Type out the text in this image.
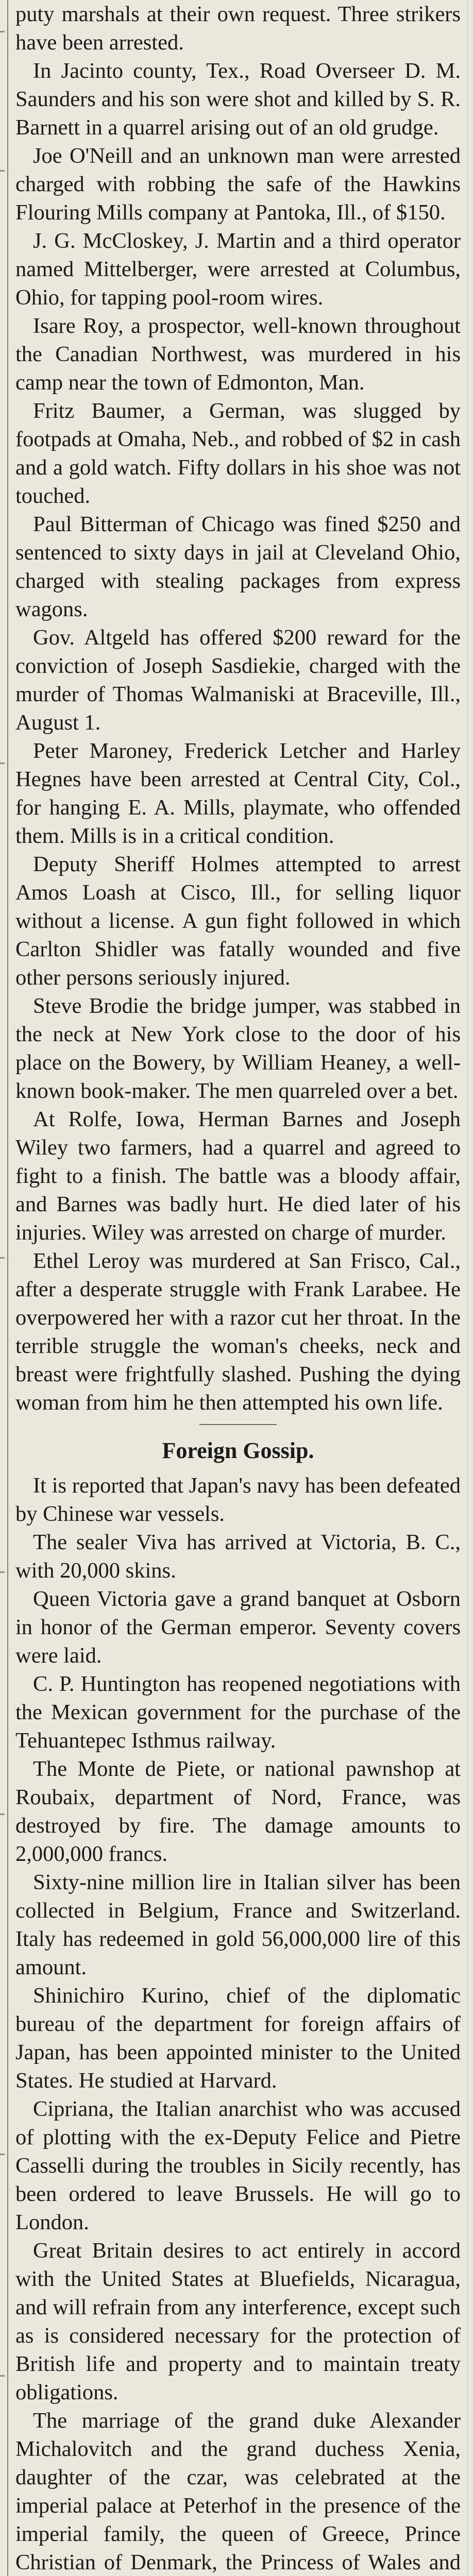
puty marshals at their own request. Three strikers have been arrested.

In Jacinto county, Tex., Road Overseer D. M. Saunders and his son were shot and killed by S. R. Barnett in a quarrel arising out of an old grudge.

Joe O'Neill and an unknown man were arrested charged with robbing the safe of the Hawkins Flouring Mills company at Pantoka, Ill., of $150.

J. G. McCloskey, J. Martin and a third operator named Mittelberger, were arrested at Columbus, Ohio, for tapping pool-room wires.

Isare Roy, a prospector, well-known throughout the Canadian Northwest, was murdered in his camp near the town of Edmonton, Man.

Fritz Baumer, a German, was slugged by footpads at Omaha, Neb., and robbed of $2 in cash and a gold watch. Fifty dollars in his shoe was not touched.

Paul Bitterman of Chicago was fined $250 and sentenced to sixty days in jail at Cleveland Ohio, charged with stealing packages from express wagons.

Gov. Altgeld has offered $200 reward for the conviction of Joseph Sasdiekie, charged with the murder of Thomas Walmaniski at Braceville, Ill., August 1.

Peter Maroney, Frederick Letcher and Harley Hegnes have been arrested at Central City, Col., for hanging E. A. Mills, playmate, who offended them. Mills is in a critical condition.

Deputy Sheriff Holmes attempted to arrest Amos Loash at Cisco, Ill., for selling liquor without a license. A gun fight followed in which Carlton Shidler was fatally wounded and five other persons seriously injured.

Steve Brodie the bridge jumper, was stabbed in the neck at New York close to the door of his place on the Bowery, by William Heaney, a well-known book-maker. The men quarreled over a bet.

At Rolfe, Iowa, Herman Barnes and Joseph Wiley two farmers, had a quarrel and agreed to fight to a finish. The battle was a bloody affair, and Barnes was badly hurt. He died later of his injuries. Wiley was arrested on charge of murder.

Ethel Leroy was murdered at San Frisco, Cal., after a desperate struggle with Frank Larabee. He overpowered her with a razor cut her throat. In the terrible struggle the woman's cheeks, neck and breast were frightfully slashed. Pushing the dying woman from him he then attempted his own life.

Foreign Gossip.

It is reported that Japan's navy has been defeated by Chinese war vessels.

The sealer Viva has arrived at Victoria, B. C., with 20,000 skins.

Queen Victoria gave a grand banquet at Osborn in honor of the German emperor. Seventy covers were laid.

C. P. Huntington has reopened negotiations with the Mexican government for the purchase of the Tehuantepec Isthmus railway.

The Monte de Piete, or national pawnshop at Roubaix, department of Nord, France, was destroyed by fire. The damage amounts to 2,000,000 francs.

Sixty-nine million lire in Italian silver has been collected in Belgium, France and Switzerland. Italy has redeemed in gold 56,000,000 lire of this amount.

Shinichiro Kurino, chief of the diplomatic bureau of the department for foreign affairs of Japan, has been appointed minister to the United States. He studied at Harvard.

Cipriana, the Italian anarchist who was accused of plotting with the ex-Deputy Felice and Pietre Casselli during the troubles in Sicily recently, has been ordered to leave Brussels. He will go to London.

Great Britain desires to act entirely in accord with the United States at Bluefields, Nicaragua, and will refrain from any interference, except such as is considered necessary for the protection of British life and property and to maintain treaty obligations.

The marriage of the grand duke Alexander Michalovitch and the grand duchess Xenia, daughter of the czar, was celebrated at the imperial palace at Peterhof in the presence of the imperial family, the queen of Greece, Prince Christian of Denmark, the Princess of Wales and
